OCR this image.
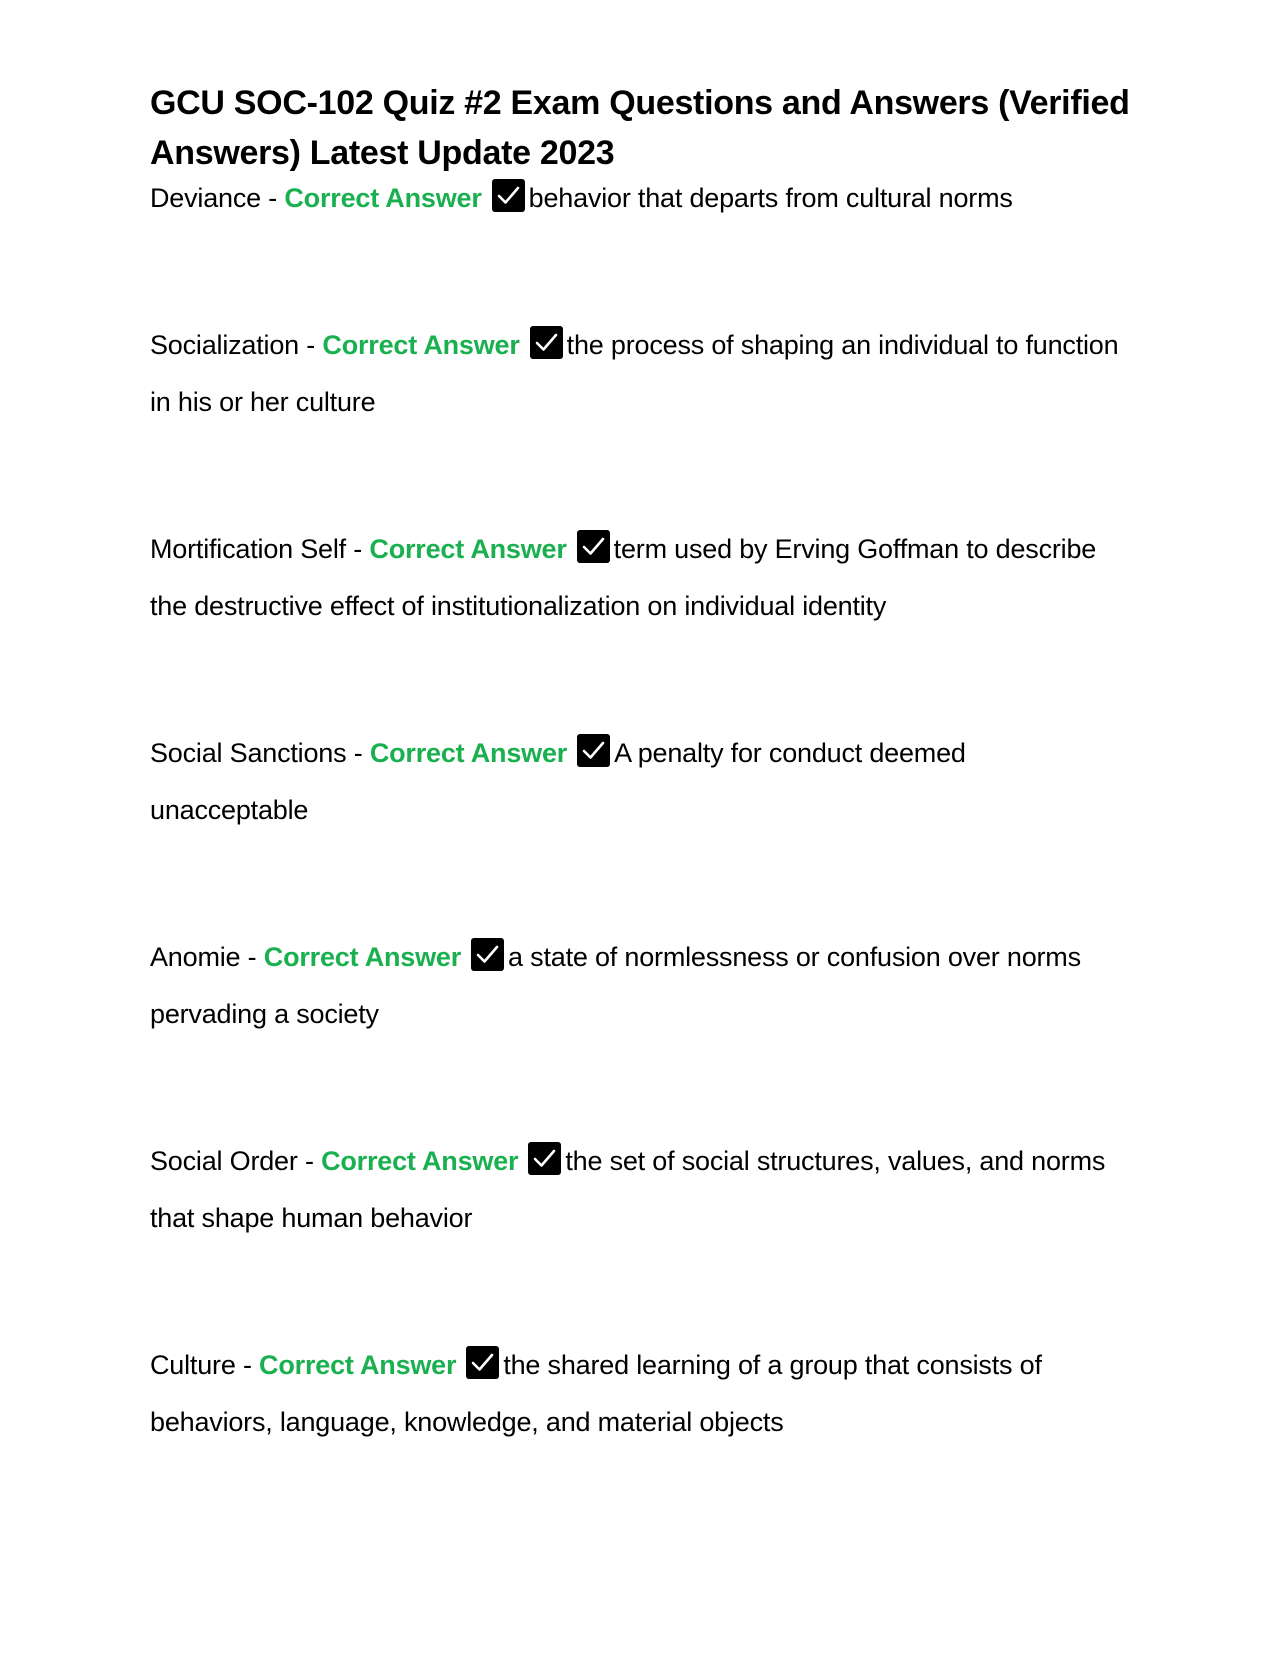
GCU SOC-102 Quiz #2 Exam Questions and Answers (Verified Answers) Latest Update 2023
Deviance - Correct Answer behavior that departs from cultural norms
Socialization - Correct Answer the process of shaping an individual to function in his or her culture
Mortification Self - Correct Answer term used by Erving Goffman to describe the destructive effect of institutionalization on individual identity
Social Sanctions - Correct Answer A penalty for conduct deemed unacceptable
Anomie - Correct Answer a state of normlessness or confusion over norms pervading a society
Social Order - Correct Answer the set of social structures, values, and norms that shape human behavior
Culture - Correct Answer the shared learning of a group that consists of behaviors, language, knowledge, and material objects
